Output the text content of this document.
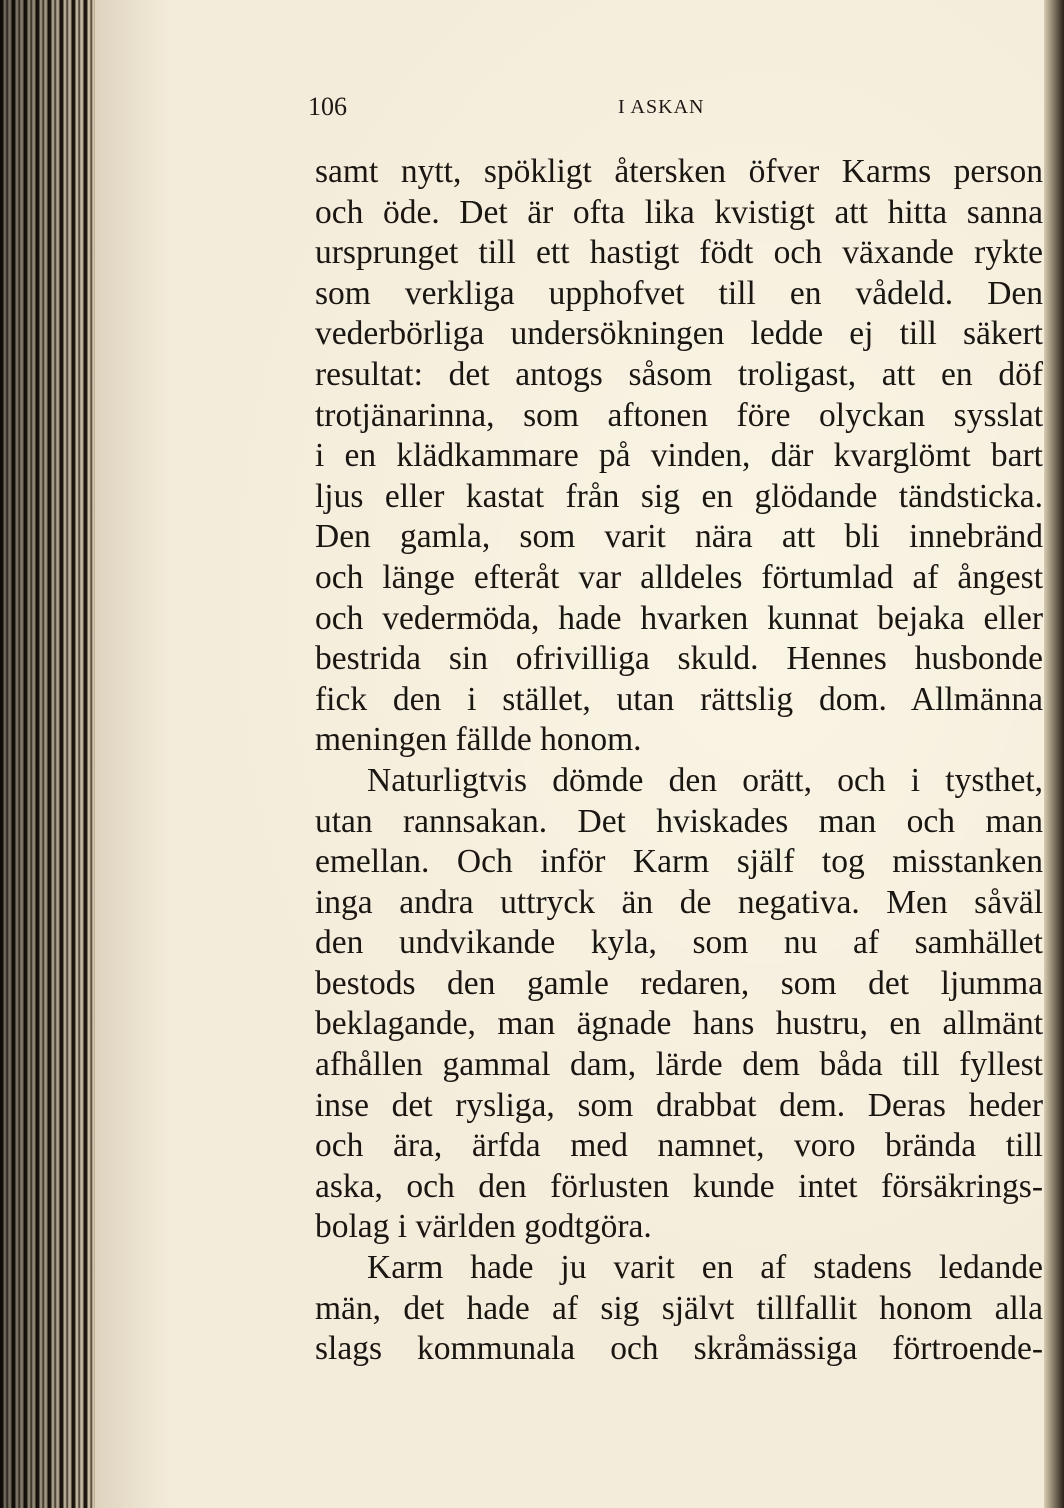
106	I ASKAN
samt nytt, spökligt återsken öfver Karms person
och öde. Det är ofta lika kvistigt att hitta sanna
ursprunget till ett hastigt födt och växande rykte
som verkliga upphofvet till en vådeld. Den
vederbörliga undersökningen ledde ej till säkert
resultat: det antogs såsom troligast, att en döf
trotjänarinna, som aftonen före olyckan sysslat
i en klädkammare på vinden, där kvarglömt bart
ljus eller kastat från sig en glödande tändsticka.
Den gamla, som varit nära att bli innebränd
och länge efteråt var alldeles förtumlad af ångest
och vedermöda, hade hvarken kunnat bejaka eller
bestrida sin ofrivilliga skuld. Hennes husbonde
fick den i stället, utan rättslig dom. Allmänna
meningen fällde honom.
Naturligtvis dömde den orätt, och i tysthet,
utan rannsakan. Det hviskades man och man
emellan. Och inför Karm själf tog misstanken
inga andra uttryck än de negativa. Men såväl
den undvikande kyla, som nu af samhället
bestods den gamle redaren, som det ljumma
beklagande, man ägnade hans hustru, en allmänt
afhållen gammal dam, lärde dem båda till fyllest
inse det rysliga, som drabbat dem. Deras heder
och ära, ärfda med namnet, voro brända till
aska, och den förlusten kunde intet försäkrings-
bolag i världen godtgöra.
Karm hade ju varit en af stadens ledande
män, det hade af sig självt tillfallit honom alla
slags kommunala och skråmässiga förtroende-
